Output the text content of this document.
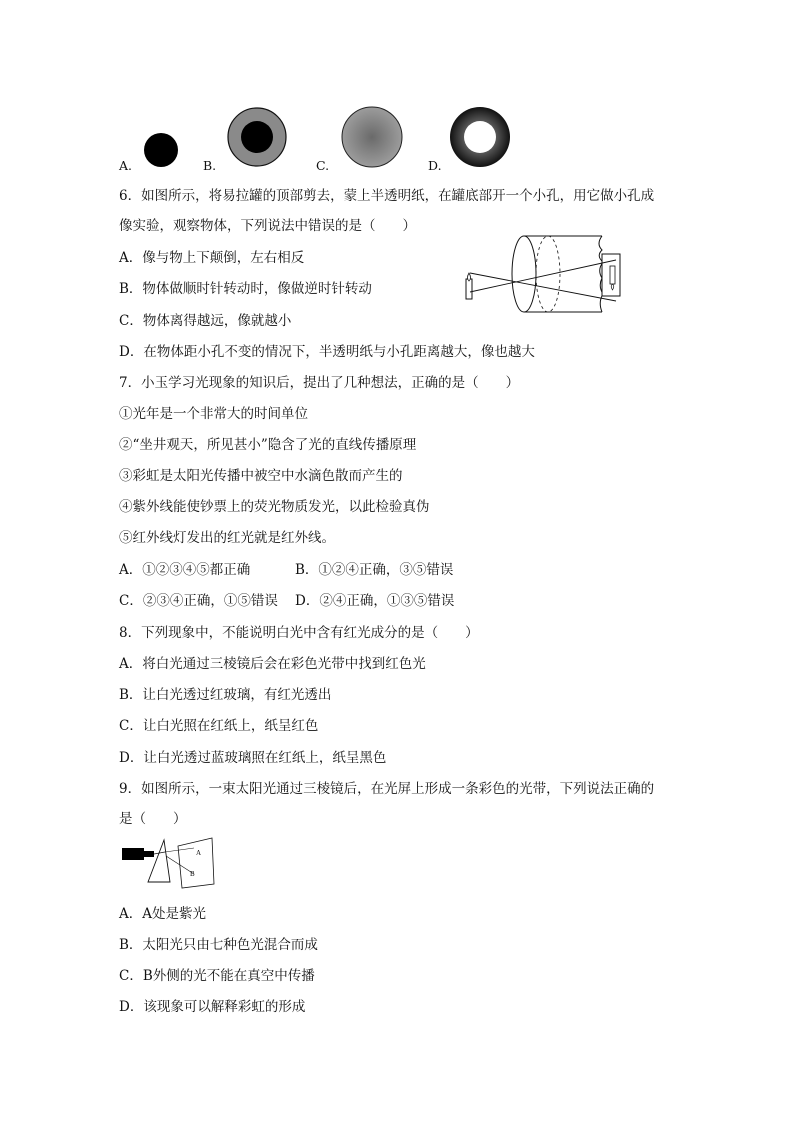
A.	B.	C.	D.
6．如图所示，将易拉罐的顶部剪去，蒙上半透明纸，在罐底部开一个小孔，用它做小孔成
像实验，观察物体，下列说法中错误的是（　　）
A．像与物上下颠倒，左右相反
B．物体做顺时针转动时，像做逆时针转动
C．物体离得越远，像就越小
D．在物体距小孔不变的情况下，半透明纸与小孔距离越大，像也越大
7．小玉学习光现象的知识后，提出了几种想法，正确的是（　　）
①光年是一个非常大的时间单位
②“坐井观天，所见甚小”隐含了光的直线传播原理
③彩虹是太阳光传播中被空中水滴色散而产生的
④紫外线能使钞票上的荧光物质发光，以此检验真伪
⑤红外线灯发出的红光就是红外线。
A．①②③④⑤都正确	B．①②④正确，③⑤错误
C．②③④正确，①⑤错误 D．②④正确，①③⑤错误
8．下列现象中，不能说明白光中含有红光成分的是（　　）
A．将白光通过三棱镜后会在彩色光带中找到红色光
B．让白光透过红玻璃，有红光透出
C．让白光照在红纸上，纸呈红色
D．让白光透过蓝玻璃照在红纸上，纸呈黑色
9．如图所示，一束太阳光通过三棱镜后，在光屏上形成一条彩色的光带，下列说法正确的
是（　　）
A
B
A．A处是紫光
B．太阳光只由七种色光混合而成
C．B外侧的光不能在真空中传播
D．该现象可以解释彩虹的形成
